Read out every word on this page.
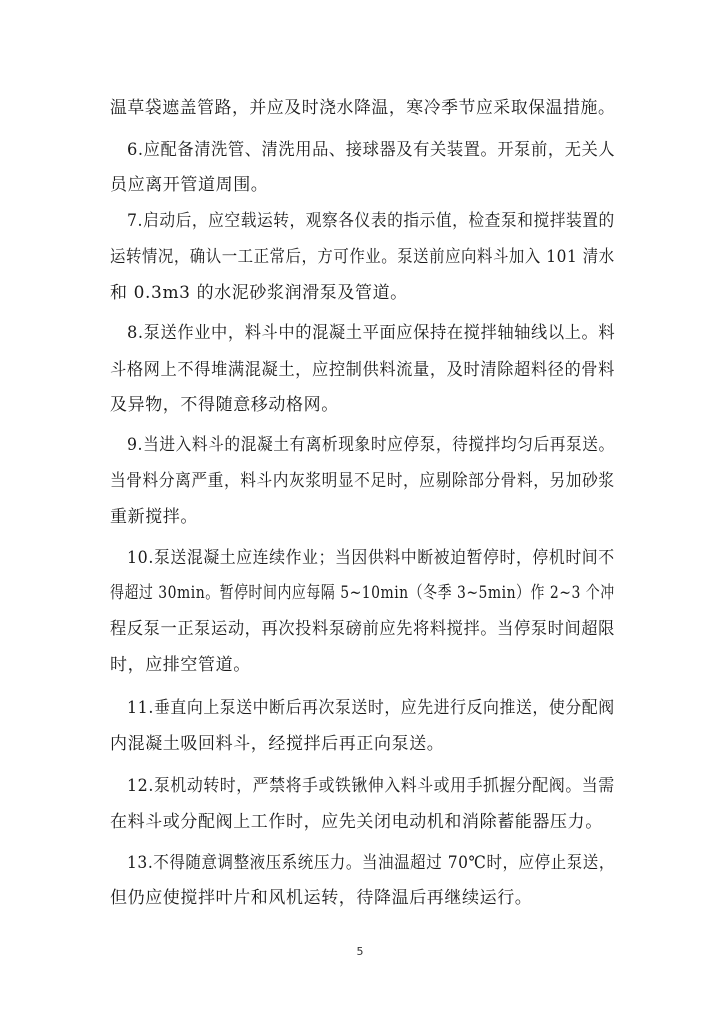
温草袋遮盖管路，并应及时浇水降温，寒冷季节应采取保温措施。
6.应配备清洗管、清洗用品、接球器及有关装置。开泵前，无关人
员应离开管道周围。
7.启动后，应空载运转，观察各仪表的指示值，检查泵和搅拌装置的
运转情况，确认一工正常后，方可作业。泵送前应向料斗加入 101 清水
和 0.3m3 的水泥砂浆润滑泵及管道。
8.泵送作业中，料斗中的混凝土平面应保持在搅拌轴轴线以上。料
斗格网上不得堆满混凝土，应控制供料流量，及时清除超料径的骨料
及异物，不得随意移动格网。
9.当进入料斗的混凝土有离析现象时应停泵，待搅拌均匀后再泵送。
当骨料分离严重，料斗内灰浆明显不足时，应剔除部分骨料，另加砂浆
重新搅拌。
10.泵送混凝土应连续作业；当因供料中断被迫暂停时，停机时间不
得超过 30min。暂停时间内应每隔 5~10min（冬季 3~5min）作 2~3 个冲
程反泵一正泵运动，再次投料泵磅前应先将料搅拌。当停泵时间超限
时，应排空管道。
11.垂直向上泵送中断后再次泵送时，应先进行反向推送，使分配阀
内混凝土吸回料斗，经搅拌后再正向泵送。
12.泵机动转时，严禁将手或铁锹伸入料斗或用手抓握分配阀。当需
在料斗或分配阀上工作时，应先关闭电动机和消除蓄能器压力。
13.不得随意调整液压系统压力。当油温超过 70℃时，应停止泵送，
但仍应使搅拌叶片和风机运转，待降温后再继续运行。
5
